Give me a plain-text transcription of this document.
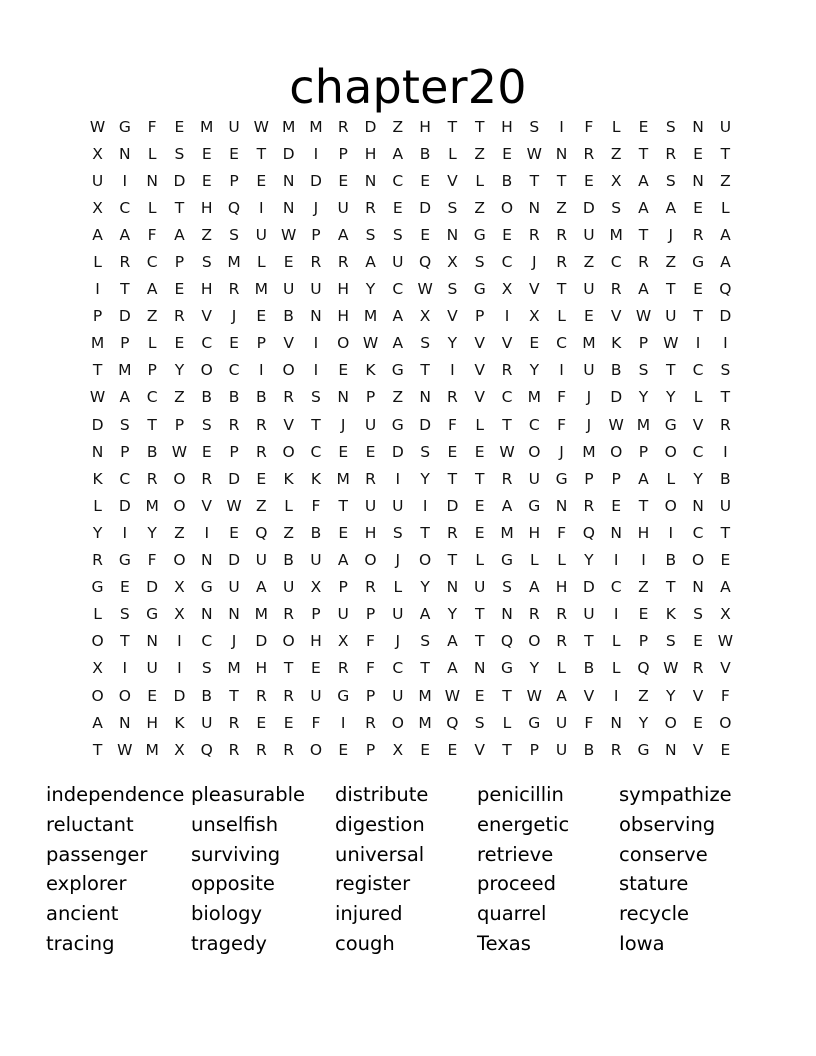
chapter20
W G	F	E	M U W M M R	D	Z	H	T	T	H	S	I	F	L	E	S	N	U
X	N	L	S	E	E	T	D	I	P	H	A	B	L	Z	E W N	R	Z	T	R	E	T
U	I	N D	E	P	E	N D	E	N	C	E	V	L	B	T	T	E	X	A	S	N	Z
X	C	L	T	H Q	I	N	J	U	R	E	D	S	Z	O N	Z	D	S	A	A	E	L
A	A	F	A	Z	S	U W P	A	S	S	E	N G	E	R	R	U M	T	J	R	A
L	R	C	P	S M	L	E	R	R	A	U Q	X	S	C	J	R	Z	C	R	Z	G	A
I	T	A	E	H	R M U	U	H	Y	C W S	G	X	V	T	U	R	A	T	E	Q
P	D	Z	R	V	J	E	B	N H M A	X	V	P	I	X	L	E	V W U	T	D
M	P	L	E	C	E	P	V	I	O W A	S	Y	V	V	E	C M K	P W	I	I
T	M	P	Y	O	C	I	O	I	E	K	G	T	I	V	R	Y	I	U	B	S	T	C	S
W A	C	Z	B	B	B	R	S	N	P	Z	N	R	V	C M	F	J	D	Y	Y	L	T
D	S	T	P	S	R	R	V	T	J	U G D	F	L	T	C	F	J	W M G	V	R
N	P	B W E	P	R	O	C	E	E	D	S	E	E W O	J	M O	P	O	C	I
K	C	R	O	R	D	E	K	K M R	I	Y	T	T	R	U G	P	P	A	L	Y	B
L	D M O	V W Z	L	F	T	U	U	I	D	E	A	G N	R	E	T	O N	U
Y	I	Y	Z	I	E	Q	Z	B	E	H	S	T	R	E	M H	F	Q N H	I	C	T
R	G	F	O N D U	B	U	A	O	J	O	T	L	G	L	L	Y	I	I	B	O	E
G	E	D	X	G U	A	U	X	P	R	L	Y	N	U	S	A	H D	C	Z	T	N	A
L	S	G	X	N	N M R	P	U	P	U	A	Y	T	N	R	R	U	I	E	K	S	X
O	T	N	I	C	J	D O H	X	F	J	S	A	T	Q O	R	T	L	P	S	E W
X	I	U	I	S M H	T	E	R	F	C	T	A	N G	Y	L	B	L	Q W R	V
O O	E	D	B	T	R	R	U G	P	U M W E	T W A	V	I	Z	Y	V	F
A	N H	K	U	R	E	E	F	I	R	O M Q	S	L	G U	F	N	Y	O	E	O
T W M X	Q	R	R	R	O	E	P	X	E	E	V	T	P	U	B	R	G N	V	E
independence
reluctant
passenger
explorer
ancient
tracing
pleasurable
unselfish
surviving
opposite
biology
tragedy
distribute
digestion
universal
register
injured
cough
penicillin
energetic
retrieve
proceed
quarrel
Texas
sympathize
observing
conserve
stature
recycle
Iowa
